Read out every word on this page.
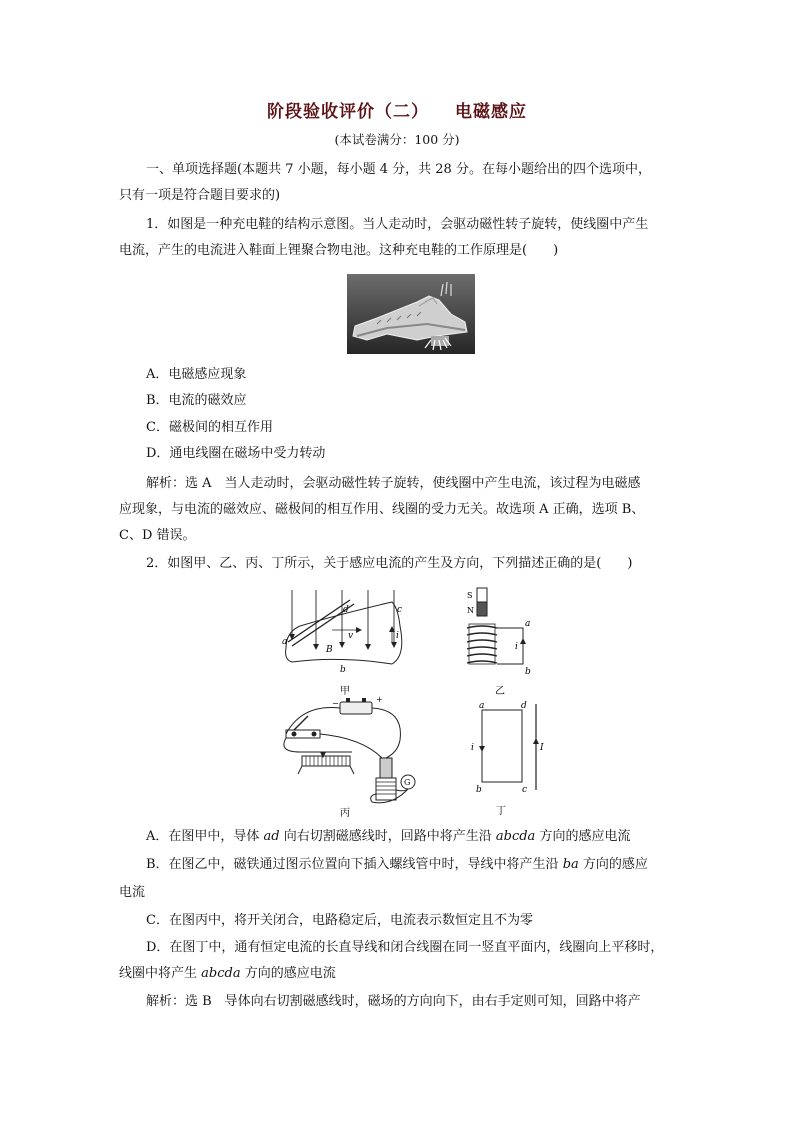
阶段验收评价（二） 电磁感应
(本试卷满分：100 分)
一、单项选择题(本题共 7 小题，每小题 4 分，共 28 分。在每小题给出的四个选项中，
只有一项是符合题目要求的)
1．如图是一种充电鞋的结构示意图。当人走动时，会驱动磁性转子旋转，使线圈中产生
电流，产生的电流进入鞋面上锂聚合物电池。这种充电鞋的工作原理是(　　)
A．电磁感应现象
B．电流的磁效应
C．磁极间的相互作用
D．通电线圈在磁场中受力转动
解析：选 A　当人走动时，会驱动磁性转子旋转，使线圈中产生电流，该过程为电磁感
应现象，与电流的磁效应、磁极间的相互作用、线圈的受力无关。故选项 A 正确，选项 B、
C、D 错误。
2．如图甲、乙、丙、丁所示，关于感应电流的产生及方向，下列描述正确的是(　　)
a
d	c
b
v
B
i
甲
S
N
a
b
i
乙
−	+
G
丙
a	d
b	c
i	I
丁
A．在图甲中，导体 ad 向右切割磁感线时，回路中将产生沿 abcda 方向的感应电流
B．在图乙中，磁铁通过图示位置向下插入螺线管中时，导线中将产生沿 ba 方向的感应
电流
C．在图丙中，将开关闭合，电路稳定后，电流表示数恒定且不为零
D．在图丁中，通有恒定电流的长直导线和闭合线圈在同一竖直平面内，线圈向上平移时，
线圈中将产生 abcda 方向的感应电流
解析：选 B　导体向右切割磁感线时，磁场的方向向下，由右手定则可知，回路中将产
